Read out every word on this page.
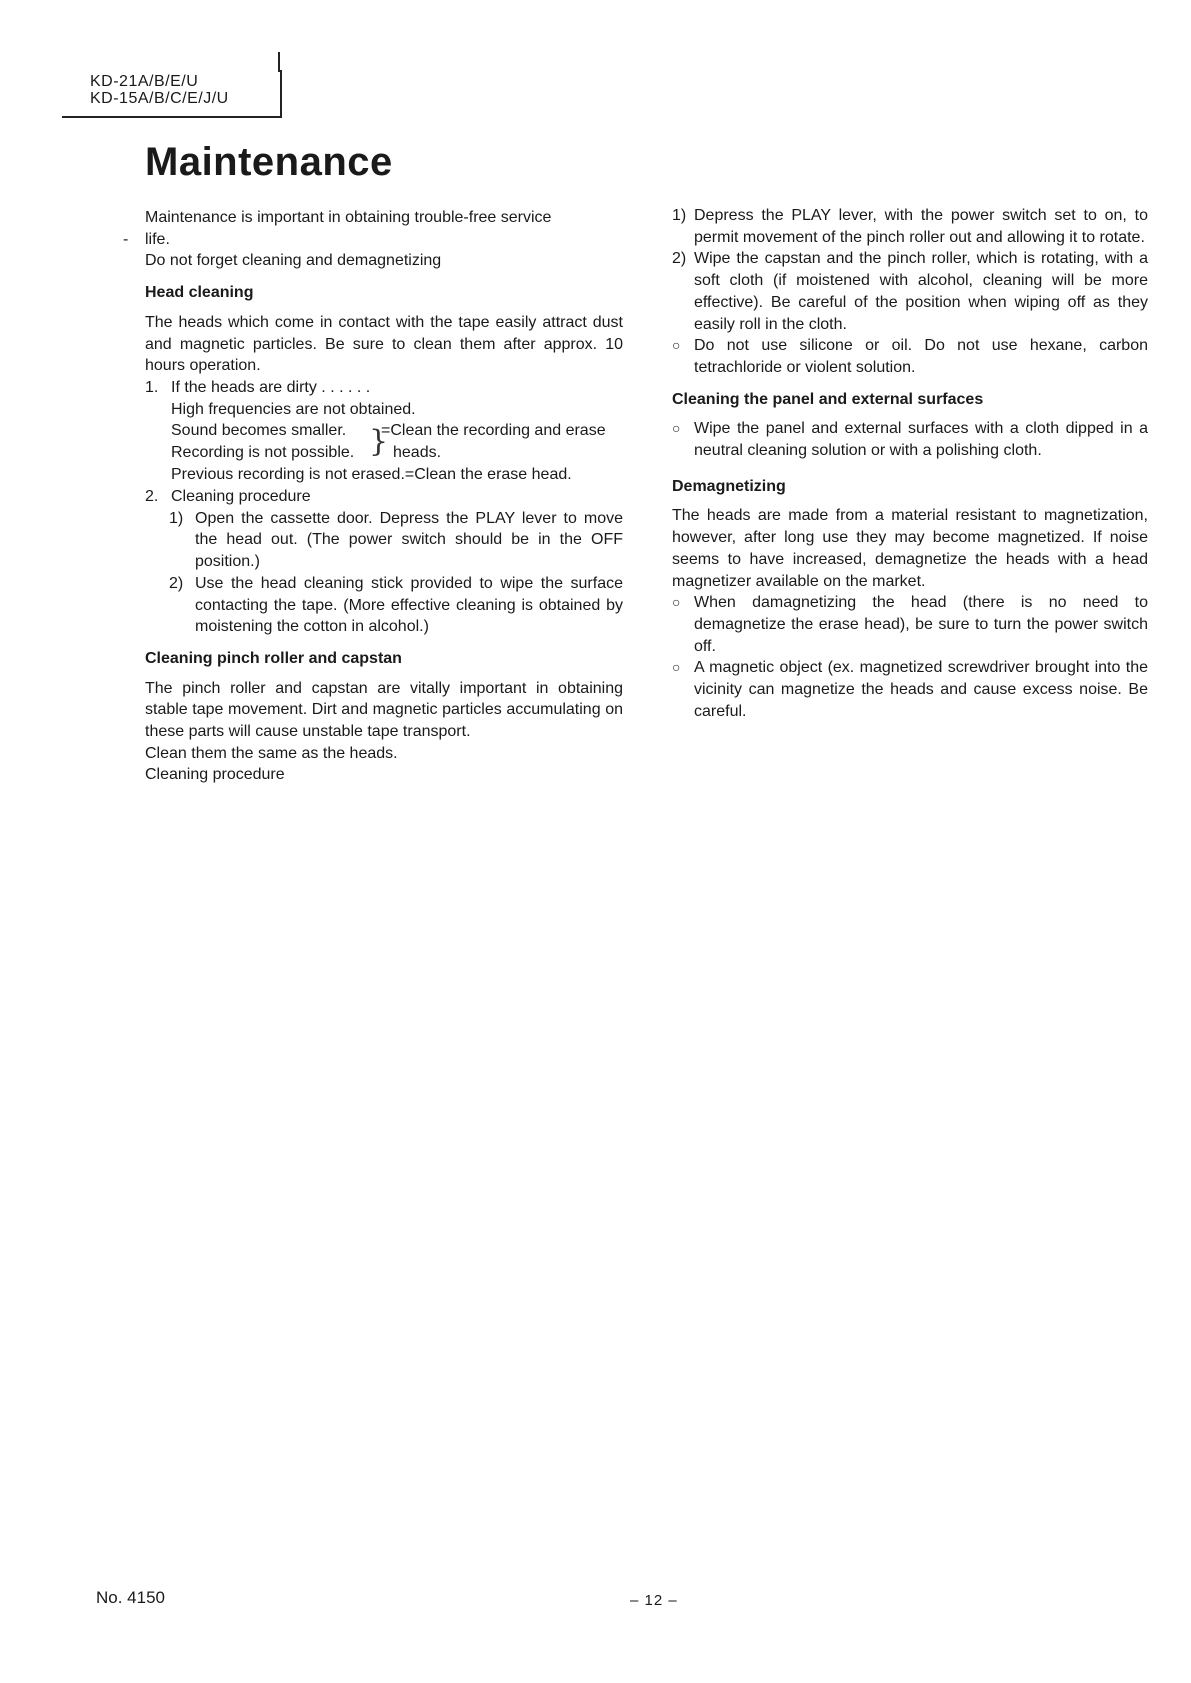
KD-21A/B/E/U
KD-15A/B/C/E/J/U
Maintenance

Maintenance is important in obtaining trouble-free service

- life.

Do not forget cleaning and demagnetizing

Head cleaning

The heads which come in contact with the tape easily attract dust and magnetic particles. Be sure to clean them after approx. 10 hours operation.

1. If the heads are dirty . . . . . .

High frequencies are not obtained.

Sound becomes smaller.
Recording is not possible. }
=Clean the recording and erase
heads.

Previous recording is not erased.=Clean the erase head.

2. Cleaning procedure
1) Open the cassette door. Depress the PLAY lever to move the head out. (The power switch should be in the OFF position.)
2) Use the head cleaning stick provided to wipe the surface contacting the tape. (More effective cleaning is obtained by moistening the cotton in alcohol.)

Cleaning pinch roller and capstan

The pinch roller and capstan are vitally important in obtaining stable tape movement. Dirt and magnetic particles accumulating on these parts will cause unstable tape transport.

Clean them the same as the heads.

Cleaning procedure

1) Depress the PLAY lever, with the power switch set to on, to permit movement of the pinch roller out and allowing it to rotate.
2) Wipe the capstan and the pinch roller, which is rotating, with a soft cloth (if moistened with alcohol, cleaning will be more effective). Be careful of the position when wiping off as they easily roll in the cloth.
○ Do not use silicone or oil. Do not use hexane, carbon tetrachloride or violent solution.

Cleaning the panel and external surfaces

○ Wipe the panel and external surfaces with a cloth dipped in a neutral cleaning solution or with a polishing cloth.

Demagnetizing

The heads are made from a material resistant to magnetization, however, after long use they may become magnetized. If noise seems to have increased, demagnetize the heads with a head magnetizer available on the market.

○ When damagnetizing the head (there is no need to demagnetize the erase head), be sure to turn the power switch off.
○ A magnetic object (ex. magnetized screwdriver brought into the vicinity can magnetize the heads and cause excess noise. Be careful.
No. 4150	– 12 –
